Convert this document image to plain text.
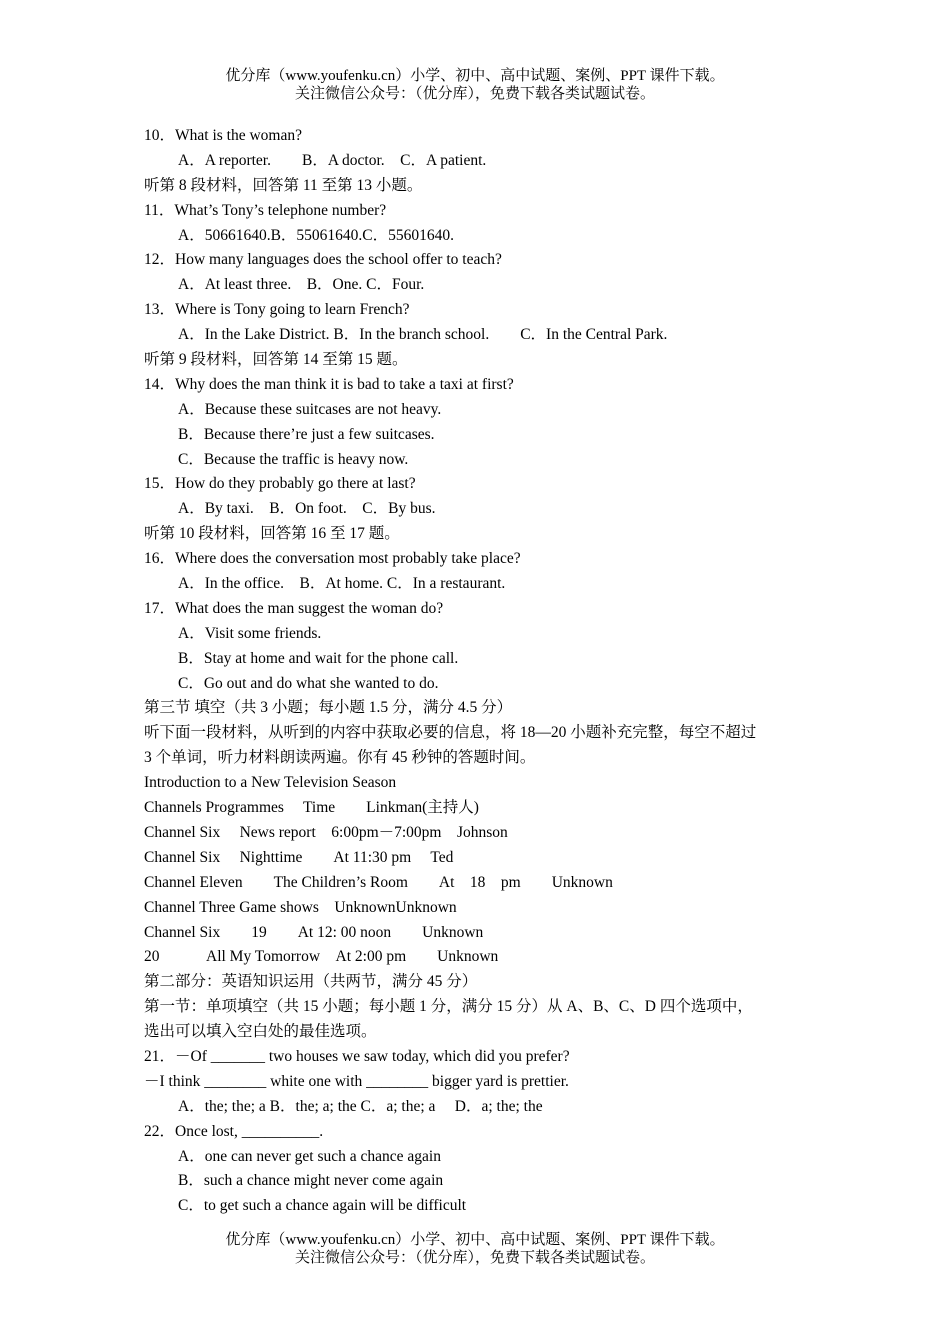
优分库（www.youfenku.cn）小学、初中、高中试题、案例、PPT 课件下载。
关注微信公众号：（优分库），免费下载各类试题试卷。
10．What is the woman?
A．A reporter.　　B．A doctor.　C．A patient.
听第 8 段材料，回答第 11 至第 13 小题。
11．What’s Tony’s telephone number?
A．50661640.B．55061640.C．55601640.
12．How many languages does the school offer to teach?
A．At least three.　B．One. C．Four.
13．Where is Tony going to learn French?
A．In the Lake District. B．In the branch school.　　C．In the Central Park.
听第 9 段材料，回答第 14 至第 15 题。
14．Why does the man think it is bad to take a taxi at first?
A．Because these suitcases are not heavy.
B．Because there’re just a few suitcases.
C．Because the traffic is heavy now.
15．How do they probably go there at last?
A．By taxi.　B．On foot.　C．By bus.
听第 10 段材料，回答第 16 至 17 题。
16．Where does the conversation most probably take place?
A．In the office.　B．At home. C．In a restaurant.
17．What does the man suggest the woman do?
A．Visit some friends.
B．Stay at home and wait for the phone call.
C．Go out and do what she wanted to do.
第三节 填空（共 3 小题；每小题 1.5 分，满分 4.5 分）
听下面一段材料，从听到的内容中获取必要的信息，将 18—20 小题补充完整，每空不超过
3 个单词，听力材料朗读两遍。你有 45 秒钟的答题时间。
Introduction to a New Television Season
Channels Programmes　 Time　　Linkman(主持人)
Channel Six　 News report　6:00pm－7:00pm　Johnson
Channel Six　 Nighttime　　At 11:30 pm　 Ted
Channel Eleven　　The Children’s Room　　At　18　pm　　Unknown
Channel Three Game shows　UnknownUnknown
Channel Six　　19　　At 12: 00 noon　　Unknown
20　　　All My Tomorrow　At 2:00 pm　　Unknown
第二部分：英语知识运用（共两节，满分 45 分）
第一节：单项填空（共 15 小题；每小题 1 分，满分 15 分）从 A、B、C、D 四个选项中，
选出可以填入空白处的最佳选项。
21．－Of _______ two houses we saw today, which did you prefer?
－I think ________ white one with ________ bigger yard is prettier.
A．the; the; a B．the; a; the C．a; the; a　 D．a; the; the
22．Once lost, __________.
A．one can never get such a chance again
B．such a chance might never come again
C．to get such a chance again will be difficult
优分库（www.youfenku.cn）小学、初中、高中试题、案例、PPT 课件下载。
关注微信公众号：（优分库），免费下载各类试题试卷。
